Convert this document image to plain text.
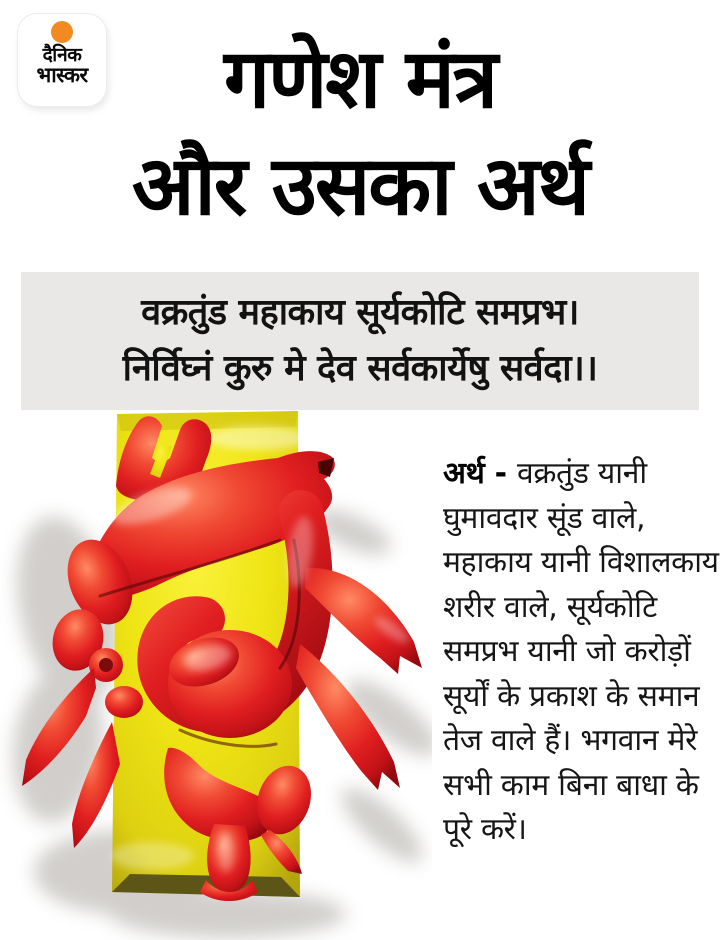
दैनिक
भास्कर	गणेश मंत्र
और उसका अर्थ
वक्रतुंड महाकाय सूर्यकोटि समप्रभ।
निर्विघ्नं कुरु मे देव सर्वकार्येषु सर्वदा।।
अर्थ - वक्रतुंड यानी घुमावदार सूंड वाले, महाकाय यानी विशालकाय शरीर वाले, सूर्यकोटि समप्रभ यानी जो करोड़ों सूर्यों के प्रकाश के समान तेज वाले हैं। भगवान मेरे सभी काम बिना बाधा के पूरे करें।
